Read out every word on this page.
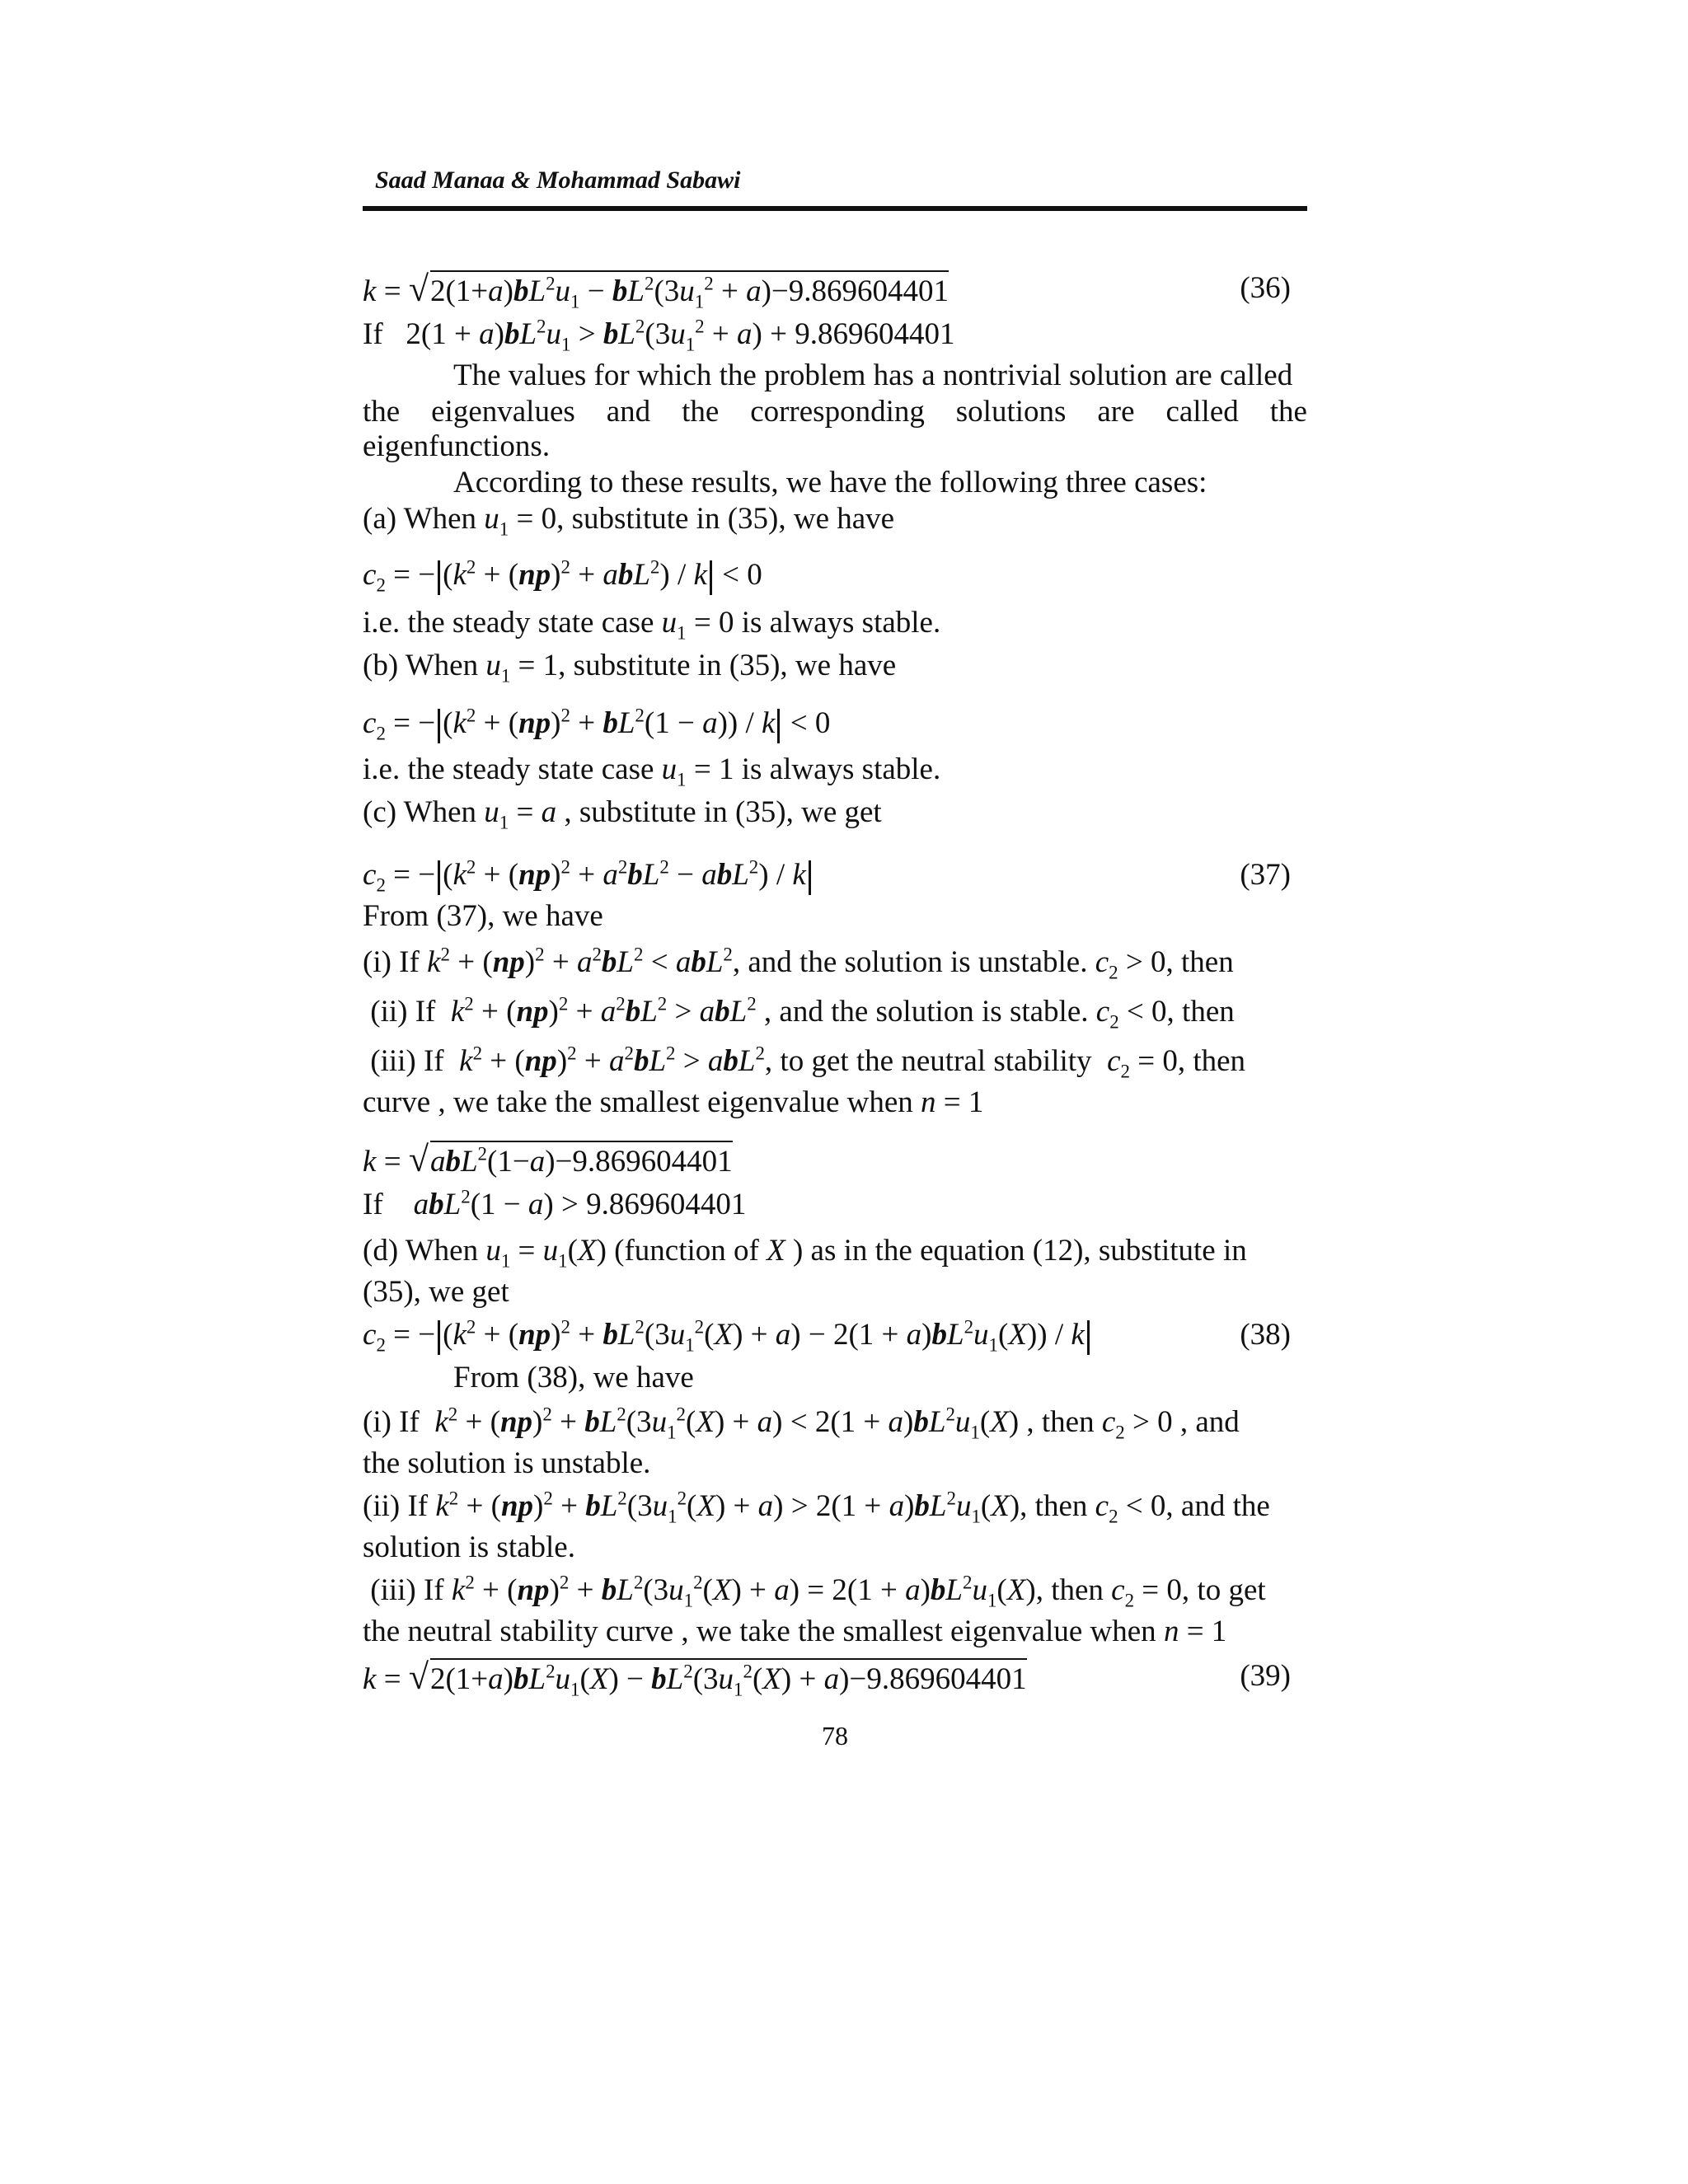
Saad Manaa & Mohammad Sabawi
$k = √2(1+a)bL^2u_1 - bL^2(3u_1^2 + a)-9.869604401$	(36)
If   $2(1 + a)bL^2u_1 > bL^2(3u_1^2 + a) + 9.869604401$
The values for which the problem has a nontrivial solution are called
the eigenvalues and the corresponding solutions are called the
eigenfunctions.
According to these results, we have the following three cases:
(a) When $u_1 = 0$, substitute in (35), we have
$c_2$ = − $(k^2 + (np)^2 + abL^2) / k < 0$
i.e. the steady state case $u_1 = 0$ is always stable.
(b) When $u_1 = 1$, substitute in (35), we have
$c_2$ = − $(k^2 + (np)^2 + bL^2(1 - a)) / k < 0$
i.e. the steady state case $u_1 = 1$ is always stable.
(c) When $u_1 = a$ , substitute in (35), we get
$c_2$ = − $(k^2 + (np)^2 + a^2bL^2 - abL^2) / k$	(37)
From (37), we have
(i) If $k^2 + (np)^2 + a^2bL^2 < abL^2$, and the solution is unstable. $c_2 > 0$, then
(ii) If $k^2 + (np)^2 + a^2bL^2 > abL^2$ , and the solution is stable. $c_2 < 0$, then
(iii) If $k^2 + (np)^2 + a^2bL^2 > abL^2$, to get the neutral stability $c_2 = 0$, then
curve , we take the smallest eigenvalue when n = 1
k = √abL$^2$(1−a)−9.869604401
If abL$^2$(1 − a) > 9.869604401
(d) When $u_1 = u_1(X)$ (function of X ) as in the equation (12), substitute in
(35), we get
$c_2$ = − $(k^2 + (np)^2 + bL^2(3u_1^2(X) + a) - 2(1 + a)bL^2u_1(X)) / k$	(38)
From (38), we have
(i) If $k^2 + (np)^2 + bL^2(3u_1^2(X) + a) < 2(1 + a)bL^2u_1(X)$ , then $c_2 > 0$ , and
the solution is unstable.
(ii) If $k^2 + (np)^2 + bL^2(3u_1^2(X) + a) > 2(1 + a)bL^2u_1(X)$, then $c_2 < 0$, and the
solution is stable.
(iii) If $k^2 + (np)^2 + bL^2(3u_1^2(X) + a) = 2(1 + a)bL^2u_1(X)$, then $c_2 = 0$, to get
the neutral stability curve , we take the smallest eigenvalue when n = 1
$k = √2(1+a)bL^2u_1(X) - bL^2(3u_1^2(X) + a)-9.869604401$	(39)
78
